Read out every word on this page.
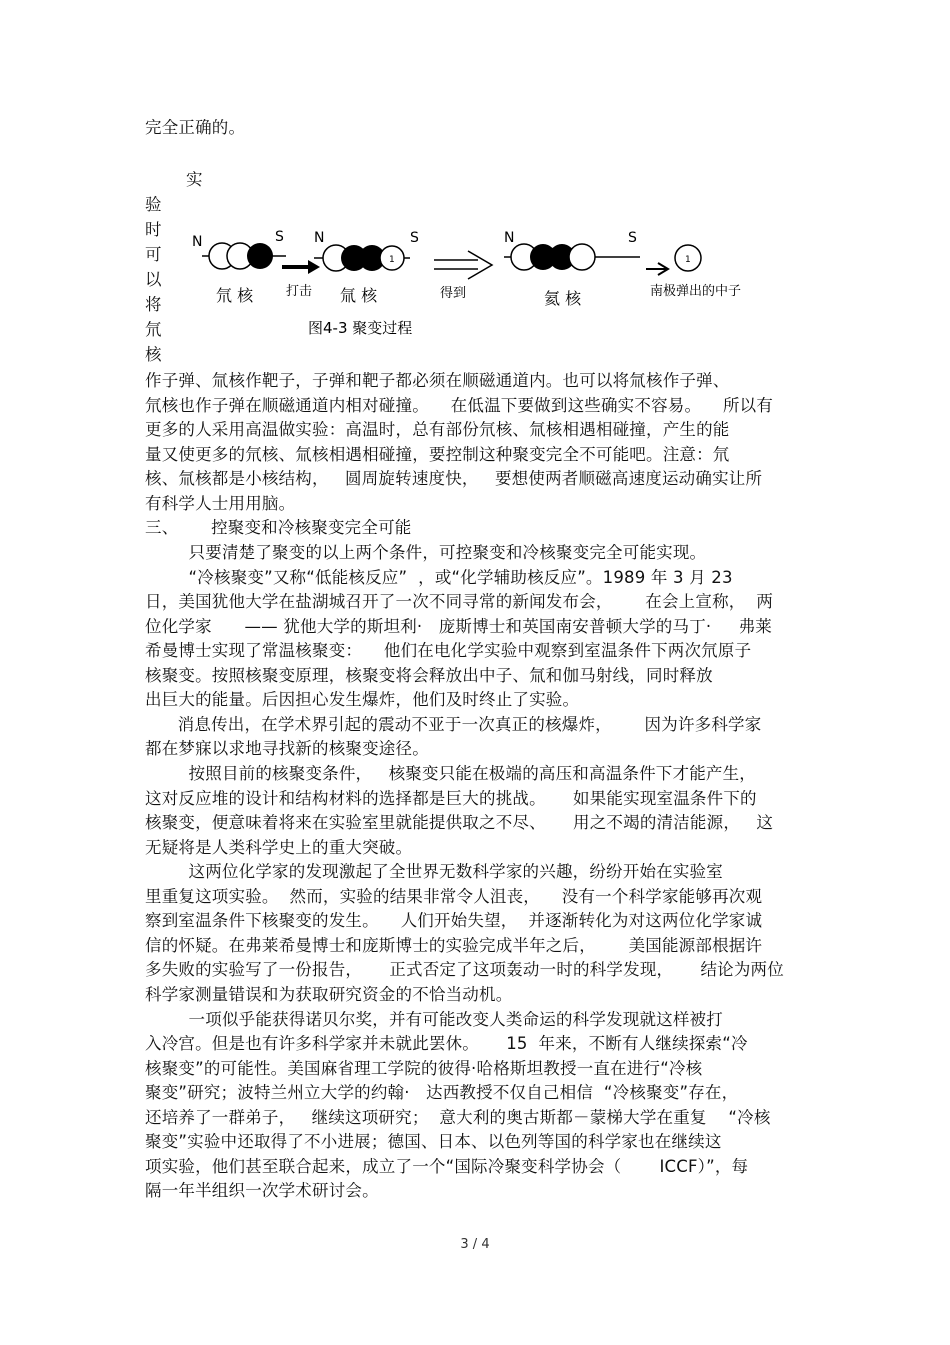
完全正确的。
实
验
时
可
以
将
氘
核
N	S
氘 核	打击
1
N	S
氚 核	得到
N	S
氦 核
1
南极弹出的中子
图4-3 聚变过程
作子弹、氚核作靶子，子弹和靶子都必须在顺磁通道内。也可以将氚核作子弹、
氘核也作子弹在顺磁通道内相对碰撞。    在低温下要做到这些确实不容易。    所以有
更多的人采用高温做实验：高温时，总有部份氘核、氚核相遇相碰撞，产生的能
量又使更多的氘核、氚核相遇相碰撞，要控制这种聚变完全不可能吧。注意：氘
核、氚核都是小核结构，   圆周旋转速度快，   要想使两者顺磁高速度运动确实让所
有科学人士用用脑。
三、      控聚变和冷核聚变完全可能
只要清楚了聚变的以上两个条件，可控聚变和冷核聚变完全可能实现。
“冷核聚变”又称“低能核反应”  ，或“化学辅助核反应”。1989 年 3 月 23
日，美国犹他大学在盐湖城召开了一次不同寻常的新闻发布会，      在会上宣称，  两
位化学家      —— 犹他大学的斯坦利·   庞斯博士和英国南安普顿大学的马丁·     弗莱
希曼博士实现了常温核聚变：    他们在电化学实验中观察到室温条件下两次氘原子
核聚变。按照核聚变原理，核聚变将会释放出中子、氚和伽马射线，同时释放
出巨大的能量。后因担心发生爆炸，他们及时终止了实验。
消息传出，在学术界引起的震动不亚于一次真正的核爆炸，      因为许多科学家
都在梦寐以求地寻找新的核聚变途径。
按照目前的核聚变条件，   核聚变只能在极端的高压和高温条件下才能产生，
这对反应堆的设计和结构材料的选择都是巨大的挑战。     如果能实现室温条件下的
核聚变，便意味着将来在实验室里就能提供取之不尽、     用之不竭的清洁能源，   这
无疑将是人类科学史上的重大突破。
这两位化学家的发现激起了全世界无数科学家的兴趣，纷纷开始在实验室
里重复这项实验。  然而，实验的结果非常令人沮丧，    没有一个科学家能够再次观
察到室温条件下核聚变的发生。    人们开始失望，  并逐渐转化为对这两位化学家诚
信的怀疑。在弗莱希曼博士和庞斯博士的实验完成半年之后，      美国能源部根据许
多失败的实验写了一份报告，     正式否定了这项轰动一时的科学发现，     结论为两位
科学家测量错误和为获取研究资金的不恰当动机。
一项似乎能获得诺贝尔奖，并有可能改变人类命运的科学发现就这样被打
入冷宫。但是也有许多科学家并未就此罢休。     15  年来，不断有人继续探索“冷
核聚变”的可能性。美国麻省理工学院的彼得·哈格斯坦教授一直在进行“冷核
聚变”研究；波特兰州立大学的约翰·   达西教授不仅自己相信  “冷核聚变”存在，
还培养了一群弟子，   继续这项研究；  意大利的奥古斯都－蒙梯大学在重复    “冷核
聚变”实验中还取得了不小进展；德国、日本、以色列等国的科学家也在继续这
项实验，他们甚至联合起来，成立了一个“国际冷聚变科学协会（       ICCF）”，每
隔一年半组织一次学术研讨会。
3 / 4
